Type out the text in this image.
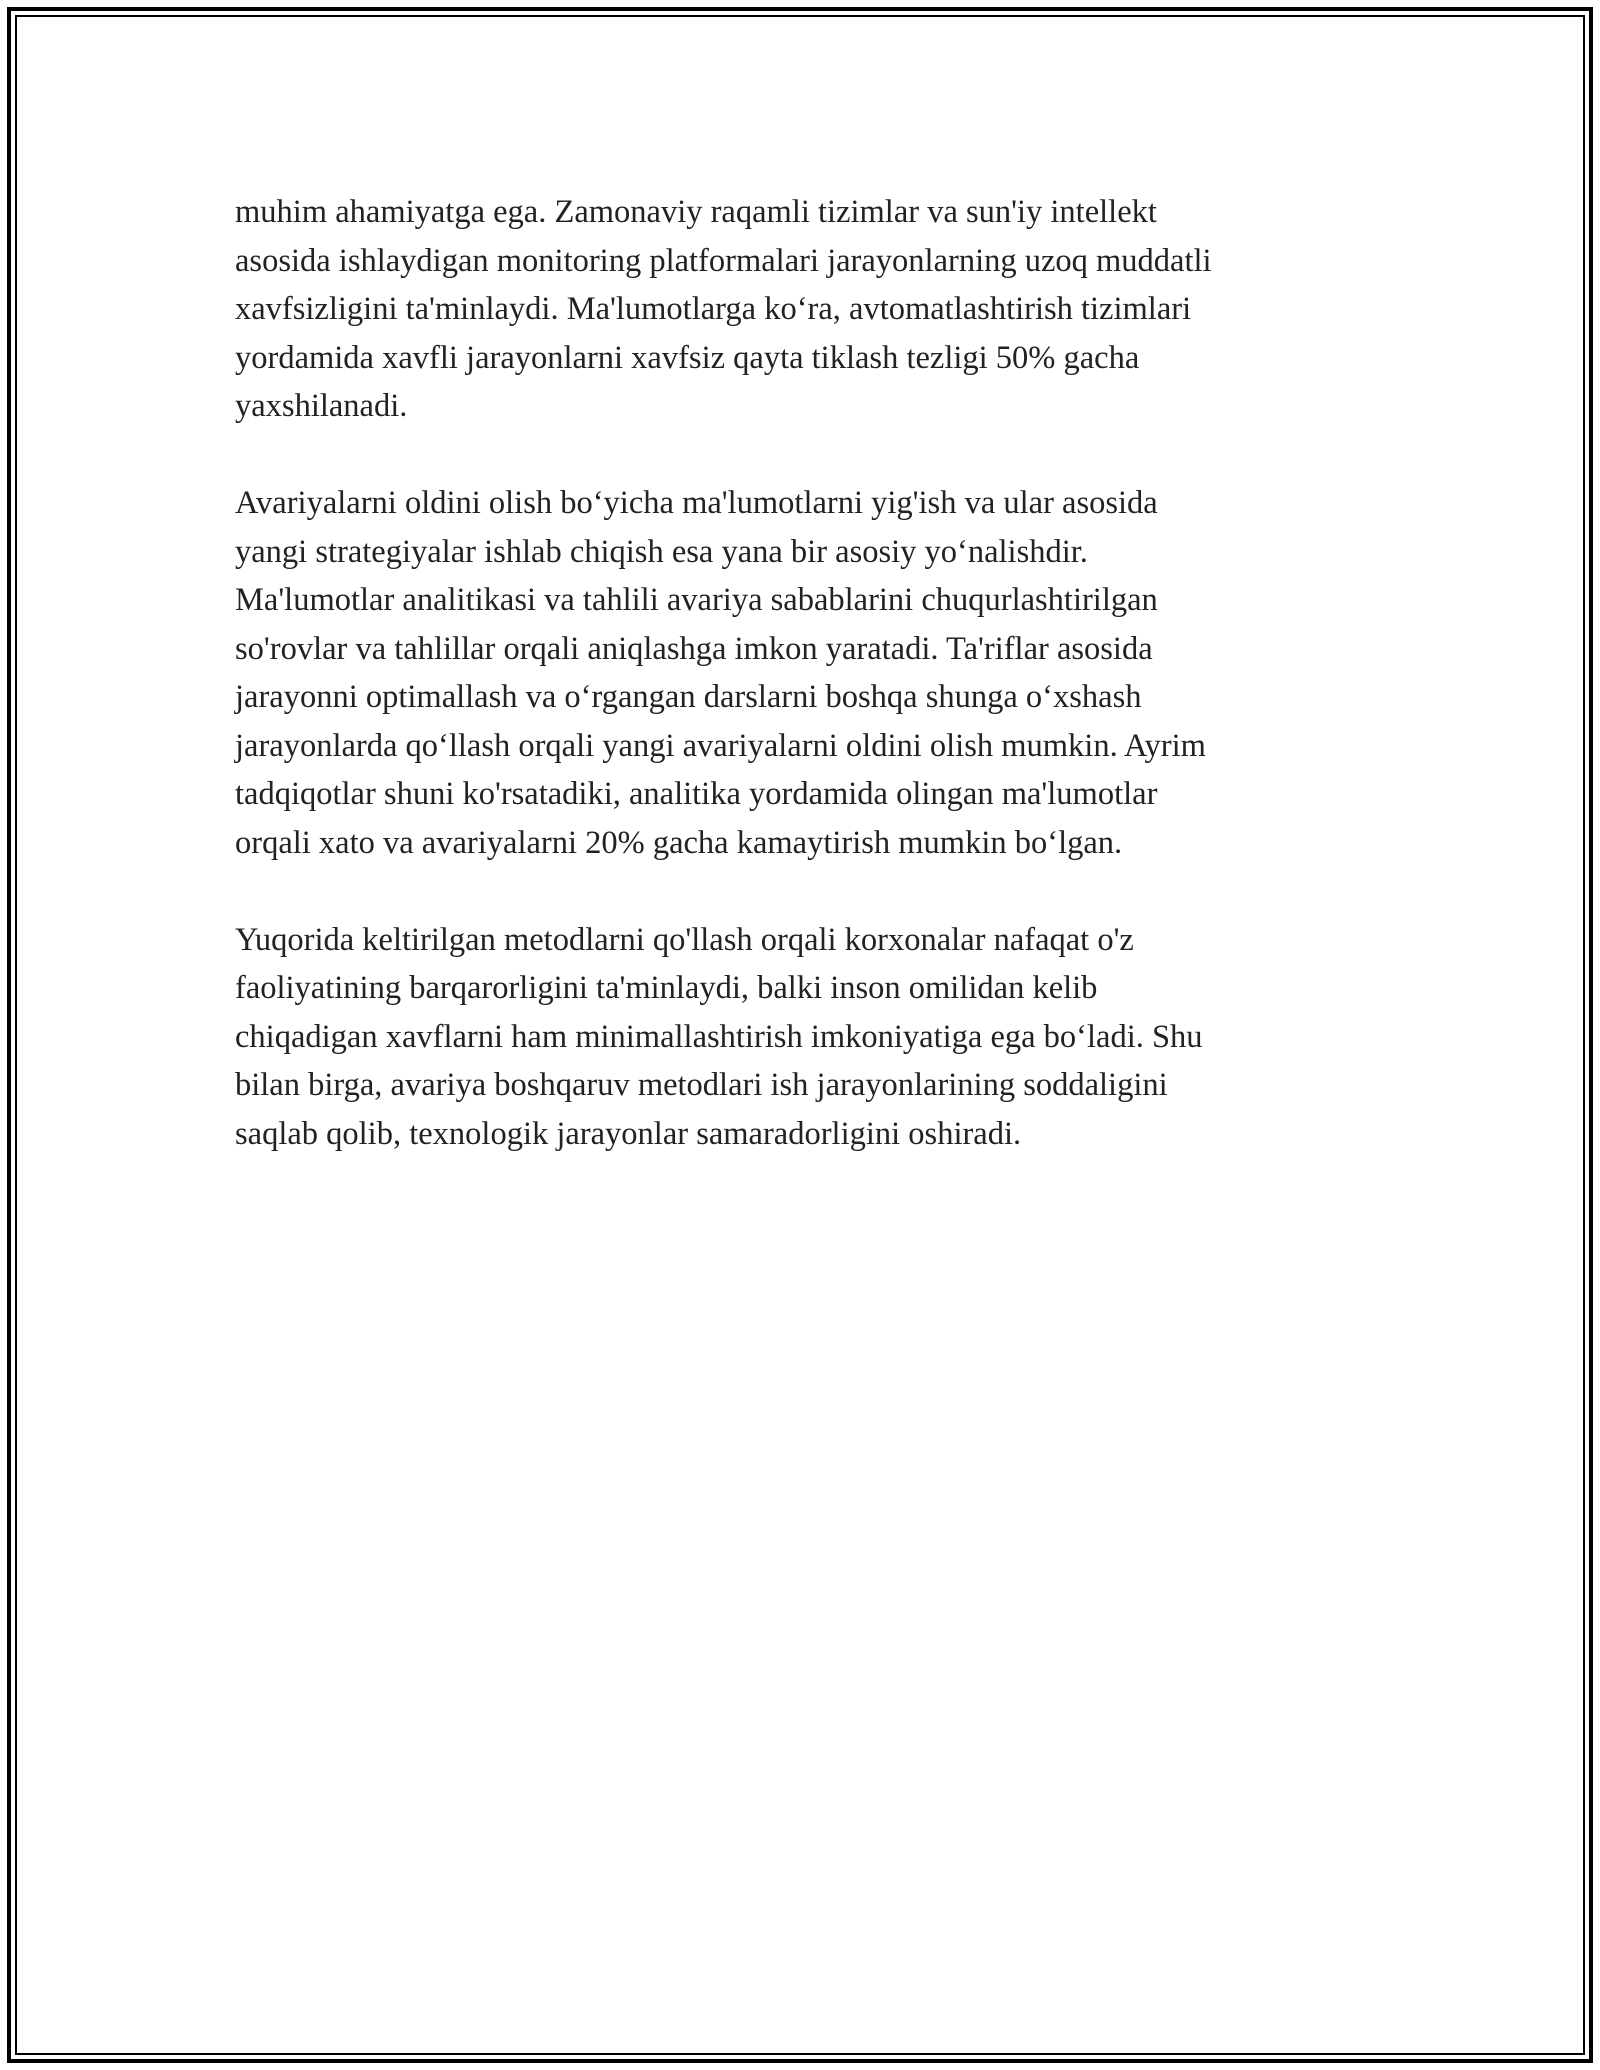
muhim ahamiyatga ega. Zamonaviy raqamli tizimlar va sun'iy intellekt
asosida ishlaydigan monitoring platformalari jarayonlarning uzoq muddatli
xavfsizligini ta'minlaydi. Ma'lumotlarga ko‘ra, avtomatlashtirish tizimlari
yordamida xavfli jarayonlarni xavfsiz qayta tiklash tezligi 50% gacha
yaxshilanadi.

Avariyalarni oldini olish bo‘yicha ma'lumotlarni yig'ish va ular asosida
yangi strategiyalar ishlab chiqish esa yana bir asosiy yo‘nalishdir.
Ma'lumotlar analitikasi va tahlili avariya sabablarini chuqurlashtirilgan
so'rovlar va tahlillar orqali aniqlashga imkon yaratadi. Ta'riflar asosida
jarayonni optimallash va o‘rgangan darslarni boshqa shunga o‘xshash
jarayonlarda qo‘llash orqali yangi avariyalarni oldini olish mumkin. Ayrim
tadqiqotlar shuni ko'rsatadiki, analitika yordamida olingan ma'lumotlar
orqali xato va avariyalarni 20% gacha kamaytirish mumkin bo‘lgan.

Yuqorida keltirilgan metodlarni qo'llash orqali korxonalar nafaqat o'z
faoliyatining barqarorligini ta'minlaydi, balki inson omilidan kelib
chiqadigan xavflarni ham minimallashtirish imkoniyatiga ega bo‘ladi. Shu
bilan birga, avariya boshqaruv metodlari ish jarayonlarining soddaligini
saqlab qolib, texnologik jarayonlar samaradorligini oshiradi.
